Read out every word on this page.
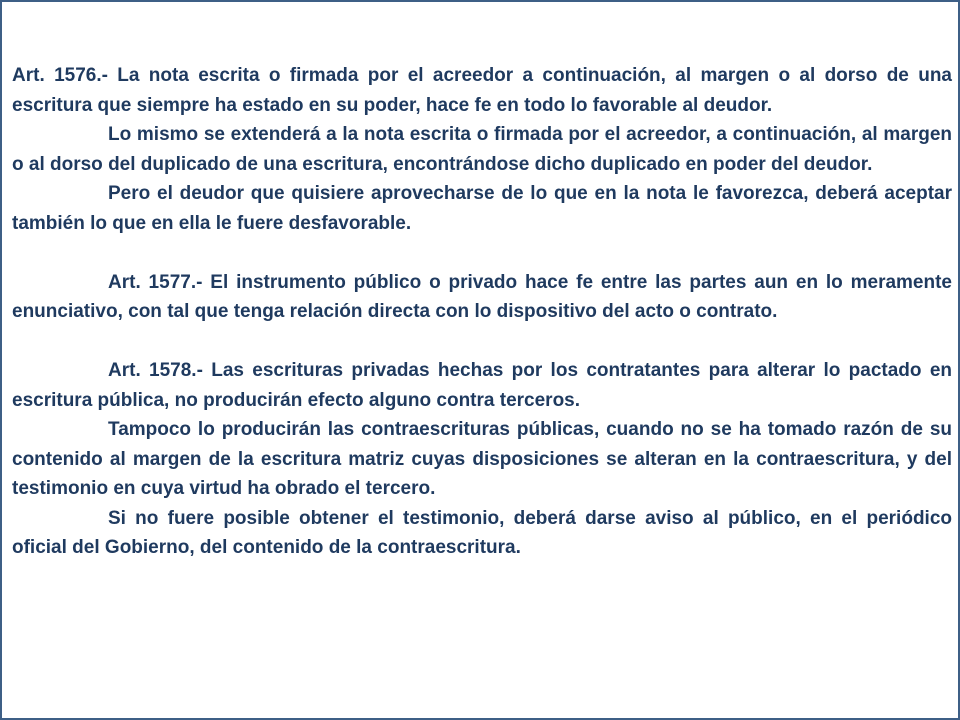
Art. 1576.- La nota escrita o firmada por el acreedor a continuación, al margen o al dorso de una escritura que siempre ha estado en su poder, hace fe en todo lo favorable al deudor.

Lo mismo se extenderá a la nota escrita o firmada por el acreedor, a continuación, al margen o al dorso del duplicado de una escritura, encontrándose dicho duplicado en poder del deudor.

Pero el deudor que quisiere aprovecharse de lo que en la nota le favorezca, deberá aceptar también lo que en ella le fuere desfavorable.

Art. 1577.- El instrumento público o privado hace fe entre las partes aun en lo meramente enunciativo, con tal que tenga relación directa con lo dispositivo del acto o contrato.

Art. 1578.- Las escrituras privadas hechas por los contratantes para alterar lo pactado en escritura pública, no producirán efecto alguno contra terceros.

Tampoco lo producirán las contraescrituras públicas, cuando no se ha tomado razón de su contenido al margen de la escritura matriz cuyas disposiciones se alteran en la contraescritura, y del testimonio en cuya virtud ha obrado el tercero.

Si no fuere posible obtener el testimonio, deberá darse aviso al público, en el periódico oficial del Gobierno, del contenido de la contraescritura.
